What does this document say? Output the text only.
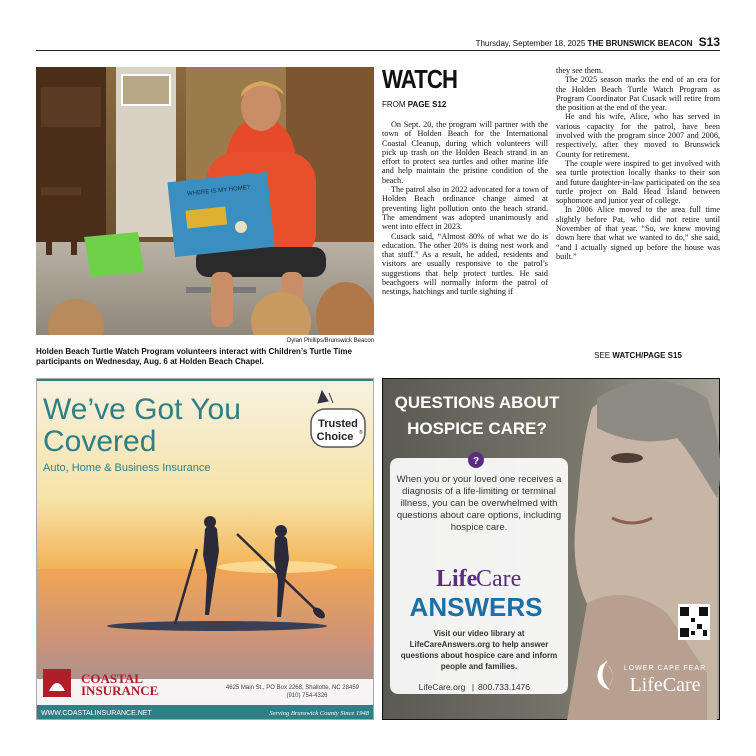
Thursday, September 18, 2025 THE BRUNSWICK BEACON S13
WHERE IS MY HOME?
Dylan Phillips/Brunswick Beacon
Holden Beach Turtle Watch Program volunteers interact with Children’s Turtle Time participants on Wednesday, Aug. 6 at Holden Beach Chapel.
WATCH
FROM PAGE S12

On Sept. 20, the program will partner with the town of Holden Beach for the International Coastal Cleanup, during which volunteers will pick up trash on the Holden Beach strand in an effort to protect sea turtles and other marine life and help maintain the pristine condition of the beach.

The patrol also in 2022 advocated for a town of Holden Beach ordinance change aimed at preventing light pollution onto the beach strand. The amendment was adopted unanimously and went into effect in 2023.

Cusack said, “Almost 80% of what we do is education. The other 20% is doing nest work and that stuff.” As a result, he added, residents and visitors are usually responsive to the patrol’s suggestions that help protect turtles. He said beachgoers will normally inform the patrol of nestings, hatchings and turtle sighting if

they see them.

The 2025 season marks the end of an era for the Holden Beach Turtle Watch Program as Program Coordinator Pat Cusack will retire from the position at the end of the year.

He and his wife, Alice, who has served in various capacity for the patrol, have been involved with the program since 2007 and 2006, respectively, after they moved to Brunswick County for retirement.

The couple were inspired to get involved with sea turtle protection locally thanks to their son and future daughter-in-law participated on the sea turtle project on Bald Head Island between sophomore and junior year of college.

In 2006 Alice moved to the area full time slightly before Pat, who did not retire until November of that year. “So, we knew moving down here that what we wanted to do,” she said, “and I actually signed up before the house was built.”

SEE WATCH/PAGE S15
We’ve Got You
Covered
Auto, Home & Business Insurance
Trusted
Choice ®
COASTAL
INSURANCE	4625 Main St., PO Box 2268, Shallotte, NC 28459
(910) 754-4326
WWW.COASTALINSURANCE.NET	Serving Brunswick County Since 1948
QUESTIONS ABOUT
HOSPICE CARE?
?
When you or your loved one receives a diagnosis of a life-limiting or terminal illness, you can be overwhelmed with questions about care options, including hospice care.
Life
Care
ANSWERS
Visit our video library at LifeCareAnswers.org to help answer questions about hospice care and inform people and families.
LifeCare.org | 800.733.1476
LOWER CAPE FEAR
LifeCare
